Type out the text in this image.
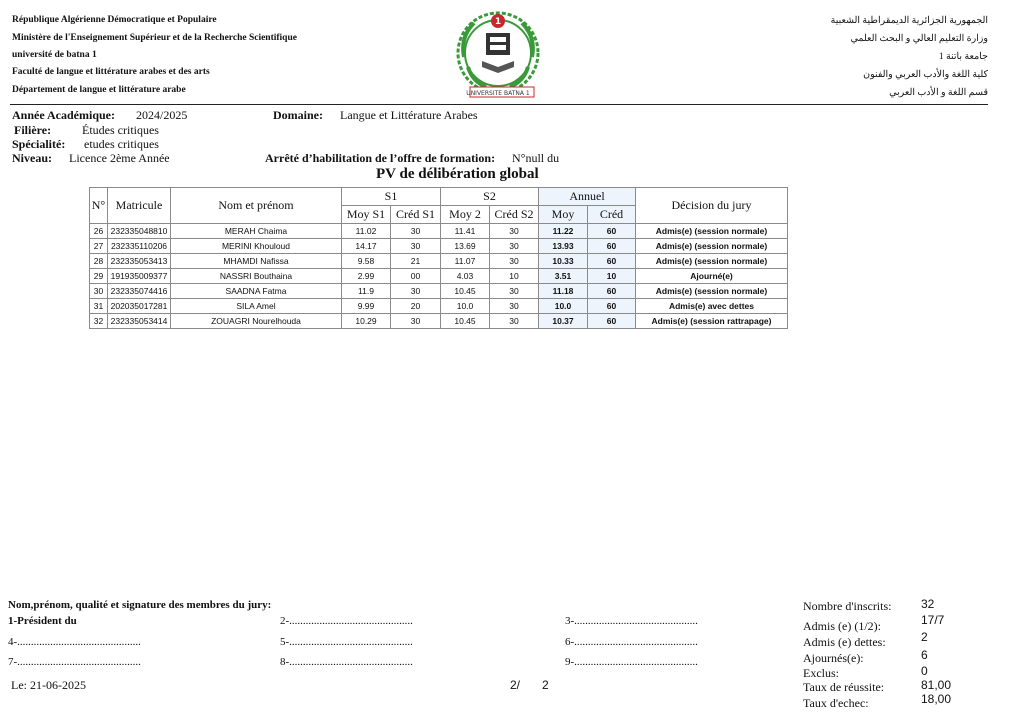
République Algérienne Démocratique et Populaire
Ministère de l'Enseignement Supérieur et de la Recherche Scientifique
université de batna 1
Faculté de langue et littérature arabes et des arts
Département de langue et littérature arabe	UNIVERSITE BATNA 1
1	الجمهورية الجزائرية الديمقراطية الشعبية
وزارة التعليم العالي و البحث العلمي
جامعة باتنة 1
كلية اللغة والأدب العربي والفنون
قسم اللغة و الأدب العربي
Année Académique: 2024/2025	Domaine: Langue et Littérature Arabes
Filière:	Études critiques
Spécialité: etudes critiques
Niveau: Licence 2ème Année	Arrêté d’habilitation de l’offre de formation: N°null du
PV de délibération global
N°	Matricule	Nom et prénom	S1		S2		Annuel		Décision du jury
			Moy S1	Créd S1	Moy 2	Créd S2	Moy	Créd	
26	232335048810	MERAH Chaima	11.02	30	11.41	30	11.22	60	Admis(e) (session normale)
27	232335110206	MERINI Khouloud	14.17	30	13.69	30	13.93	60	Admis(e) (session normale)
28	232335053413	MHAMDI Nafissa	9.58	21	11.07	30	10.33	60	Admis(e) (session normale)
29	191935009377	NASSRI Bouthaina	2.99	00	4.03	10	3.51	10	Ajourné(e)
30	232335074416	SAADNA Fatma	11.9	30	10.45	30	11.18	60	Admis(e) (session normale)
31	202035017281	SILA Amel	9.99	20	10.0	30	10.0	60	Admis(e) avec dettes
32	232335053414	ZOUAGRI Nourelhouda	10.29	30	10.45	30	10.37	60	Admis(e) (session rattrapage)
Nom,prénom, qualité et signature des membres du jury:
1-Président du	2-.............................................	3-.............................................
4-.............................................	5-.............................................	6-.............................................
7-.............................................	8-.............................................	9-.............................................
Le: 21-06-2025	2/ 2
Nombre d'inscrits: 32
Admis (e) (1/2):	17/7
Admis (e) dettes:	2
Ajournés(e):	6
Exclus:	0
Taux de réussite:	81,00
Taux d'echec:	18,00
